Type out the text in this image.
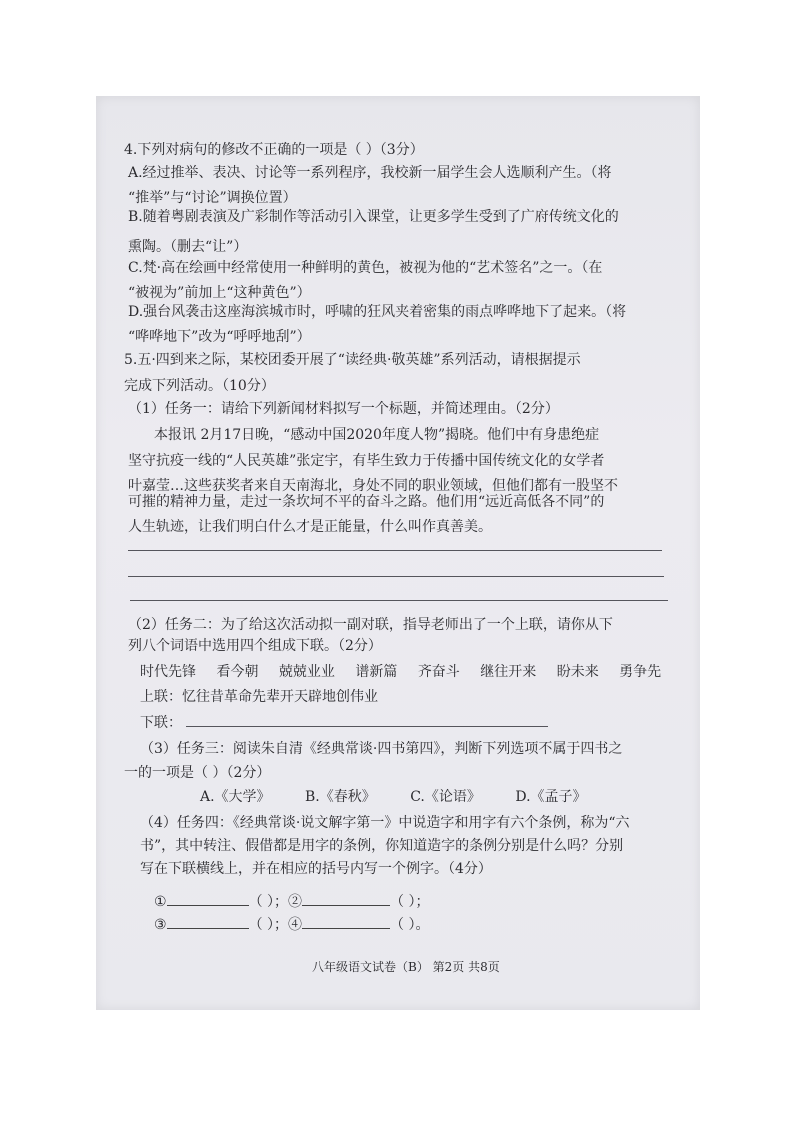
4.下列对病句的修改不正确的一项是（ ）（3分）
A.经过推举、表决、讨论等一系列程序，我校新一届学生会人选顺利产生。（将
“推举”与“讨论”调换位置）
B.随着粤剧表演及广彩制作等活动引入课堂，让更多学生受到了广府传统文化的
熏陶。（删去“让”）
C.梵·高在绘画中经常使用一种鲜明的黄色，被视为他的“艺术签名”之一。（在
“被视为”前加上“这种黄色”）
D.强台风袭击这座海滨城市时，呼啸的狂风夹着密集的雨点哗哗地下了起来。（将
“哗哗地下”改为“呼呼地刮”）
5.五·四到来之际，某校团委开展了“读经典·敬英雄”系列活动，请根据提示
完成下列活动。（10分）
（1）任务一：请给下列新闻材料拟写一个标题，并简述理由。（2分）
本报讯 2月17日晚，“感动中国2020年度人物”揭晓。他们中有身患绝症
坚守抗疫一线的“人民英雄”张定宇，有毕生致力于传播中国传统文化的女学者
叶嘉莹…这些获奖者来自天南海北，身处不同的职业领域，但他们都有一股坚不
可摧的精神力量，走过一条坎坷不平的奋斗之路。他们用“远近高低各不同”的
人生轨迹，让我们明白什么才是正能量，什么叫作真善美。
（2）任务二：为了给这次活动拟一副对联，指导老师出了一个上联，请你从下
列八个词语中选用四个组成下联。（2分）
时代先锋 看今朝 兢兢业业 谱新篇 齐奋斗 继往开来 盼未来 勇争先
上联：忆往昔革命先辈开天辟地创伟业
下联：
（3）任务三：阅读朱自清《经典常谈·四书第四》，判断下列选项不属于四书之
一的一项是（ ）（2分）
A.《大学》 B.《春秋》 C.《论语》 D.《孟子》
（4）任务四：《经典常谈·说文解字第一》中说造字和用字有六个条例，称为“六
书”，其中转注、假借都是用字的条例，你知道造字的条例分别是什么吗？分别
写在下联横线上，并在相应的括号内写一个例字。（4分）
①	（ ）；②	（ ）；
③	（ ）；④	（ ）。
八年级语文试卷（B） 第2页 共8页
